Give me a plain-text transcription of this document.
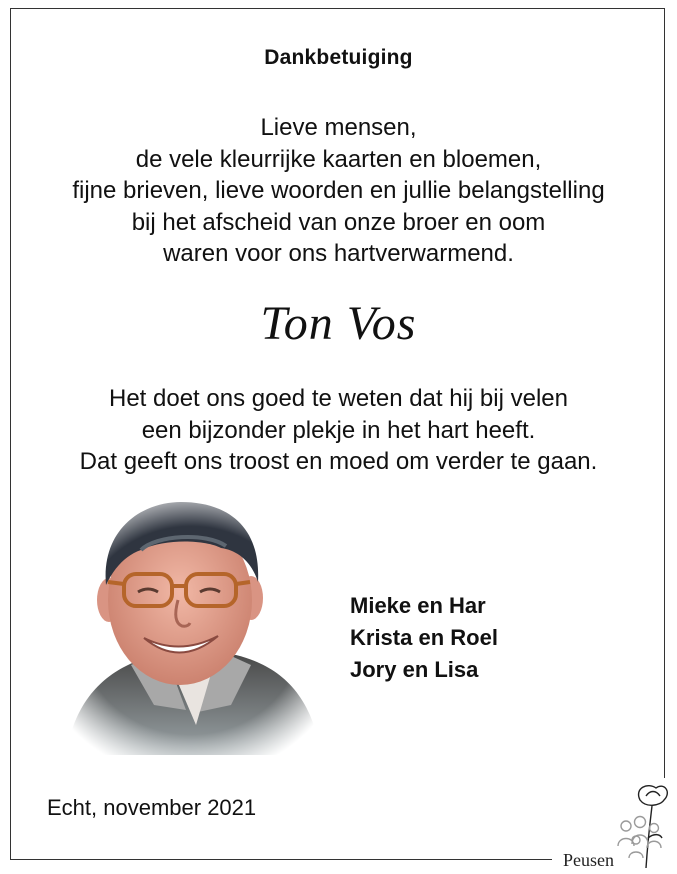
Dankbetuiging
Lieve mensen,
de vele kleurrijke kaarten en bloemen,
fijne brieven, lieve woorden en jullie belangstelling
bij het afscheid van onze broer en oom
waren voor ons hartverwarmend.
Ton Vos
Het doet ons goed te weten dat hij bij velen
een bijzonder plekje in het hart heeft.
Dat geeft ons troost en moed om verder te gaan.
Mieke en Har
Krista en Roel
Jory en Lisa
Echt, november 2021
Peusen
